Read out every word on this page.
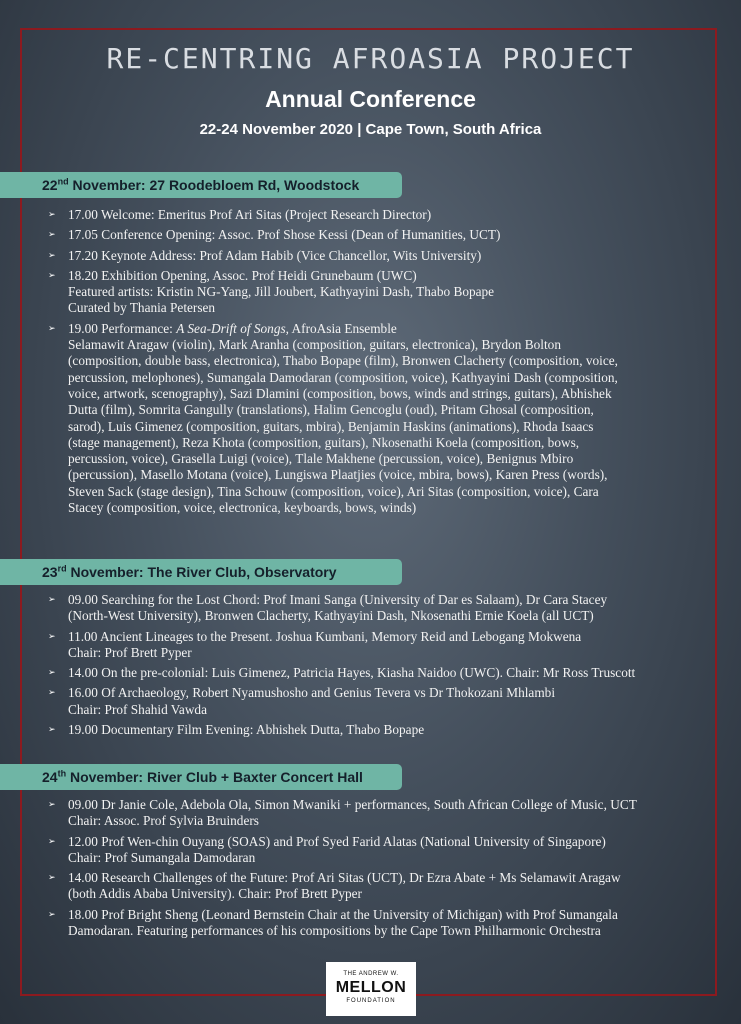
RE-CENTRING AFROASIA PROJECT
Annual Conference
22-24 November 2020 | Cape Town, South Africa
22nd November: 27 Roodebloem Rd, Woodstock
➢ 17.00 Welcome: Emeritus Prof Ari Sitas (Project Research Director)
➢ 17.05 Conference Opening: Assoc. Prof Shose Kessi (Dean of Humanities, UCT)
➢ 17.20 Keynote Address: Prof Adam Habib (Vice Chancellor, Wits University)
➢ 18.20 Exhibition Opening, Assoc. Prof Heidi Grunebaum (UWC)
Featured artists: Kristin NG-Yang, Jill Joubert, Kathyayini Dash, Thabo Bopape
Curated by Thania Petersen
➢ 19.00 Performance: A Sea-Drift of Songs, AfroAsia Ensemble
Selamawit Aragaw (violin), Mark Aranha (composition, guitars, electronica), Brydon Bolton
(composition, double bass, electronica), Thabo Bopape (film), Bronwen Clacherty (composition, voice,
percussion, melophones), Sumangala Damodaran (composition, voice), Kathyayini Dash (composition,
voice, artwork, scenography), Sazi Dlamini (composition, bows, winds and strings, guitars), Abhishek
Dutta (film), Somrita Gangully (translations), Halim Gencoglu (oud), Pritam Ghosal (composition,
sarod), Luis Gimenez (composition, guitars, mbira), Benjamin Haskins (animations), Rhoda Isaacs
(stage management), Reza Khota (composition, guitars), Nkosenathi Koela (composition, bows,
percussion, voice), Grasella Luigi (voice), Tlale Makhene (percussion, voice), Benignus Mbiro
(percussion), Masello Motana (voice), Lungiswa Plaatjies (voice, mbira, bows), Karen Press (words),
Steven Sack (stage design), Tina Schouw (composition, voice), Ari Sitas (composition, voice), Cara
Stacey (composition, voice, electronica, keyboards, bows, winds)
23rd November: The River Club, Observatory
➢ 09.00 Searching for the Lost Chord: Prof Imani Sanga (University of Dar es Salaam), Dr Cara Stacey
(North-West University), Bronwen Clacherty, Kathyayini Dash, Nkosenathi Ernie Koela (all UCT)
➢ 11.00 Ancient Lineages to the Present. Joshua Kumbani, Memory Reid and Lebogang Mokwena
Chair: Prof Brett Pyper
➢ 14.00 On the pre-colonial: Luis Gimenez, Patricia Hayes, Kiasha Naidoo (UWC). Chair: Mr Ross Truscott
➢ 16.00 Of Archaeology, Robert Nyamushosho and Genius Tevera vs Dr Thokozani Mhlambi
Chair: Prof Shahid Vawda
➢ 19.00 Documentary Film Evening: Abhishek Dutta, Thabo Bopape
24th November: River Club + Baxter Concert Hall
➢ 09.00 Dr Janie Cole, Adebola Ola, Simon Mwaniki + performances, South African College of Music, UCT
Chair: Assoc. Prof Sylvia Bruinders
➢ 12.00 Prof Wen-chin Ouyang (SOAS) and Prof Syed Farid Alatas (National University of Singapore)
Chair: Prof Sumangala Damodaran
➢ 14.00 Research Challenges of the Future: Prof Ari Sitas (UCT), Dr Ezra Abate + Ms Selamawit Aragaw
(both Addis Ababa University). Chair: Prof Brett Pyper
➢ 18.00 Prof Bright Sheng (Leonard Bernstein Chair at the University of Michigan) with Prof Sumangala
Damodaran. Featuring performances of his compositions by the Cape Town Philharmonic Orchestra
THE ANDREW W.
MELLON
FOUNDATION
